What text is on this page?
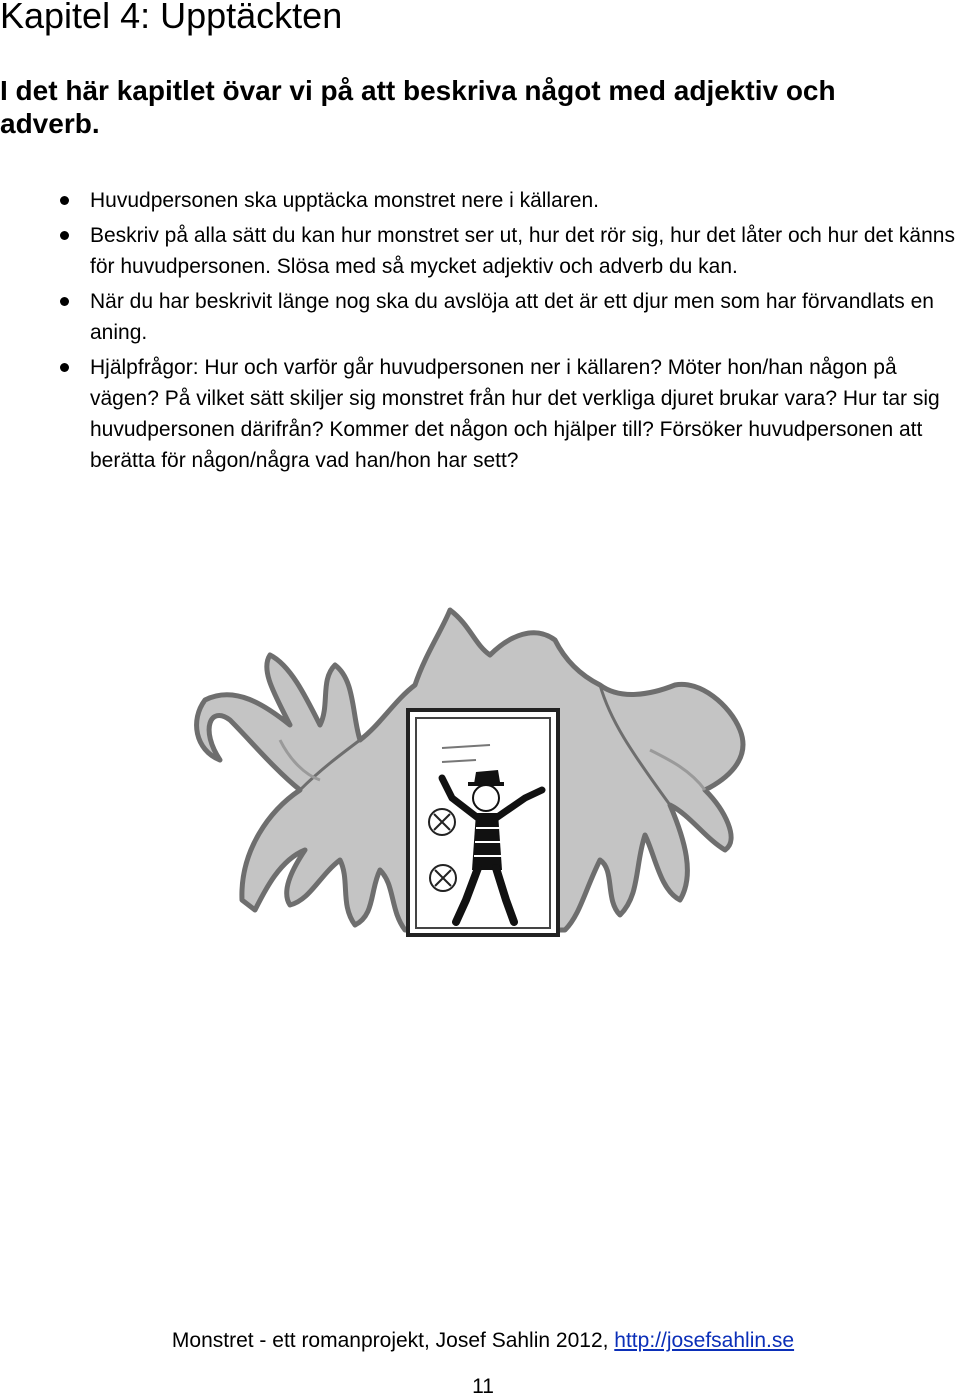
Kapitel 4: Upptäckten

I det här kapitlet övar vi på att beskriva något med adjektiv och adverb.

Huvudpersonen ska upptäcka monstret nere i källaren.
Beskriv på alla sätt du kan hur monstret ser ut, hur det rör sig, hur det låter och hur det känns för huvudpersonen. Slösa med så mycket adjektiv och adverb du kan.
När du har beskrivit länge nog ska du avslöja att det är ett djur men som har förvandlats en aning.
Hjälpfrågor: Hur och varför går huvudpersonen ner i källaren? Möter hon/han någon på vägen? På vilket sätt skiljer sig monstret från hur det verkliga djuret brukar vara? Hur tar sig huvudpersonen därifrån? Kommer det någon och hjälper till? Försöker huvudpersonen att berätta för någon/några vad han/hon har sett?
Monstret - ett romanprojekt, Josef Sahlin 2012, http://josefsahlin.se
11
